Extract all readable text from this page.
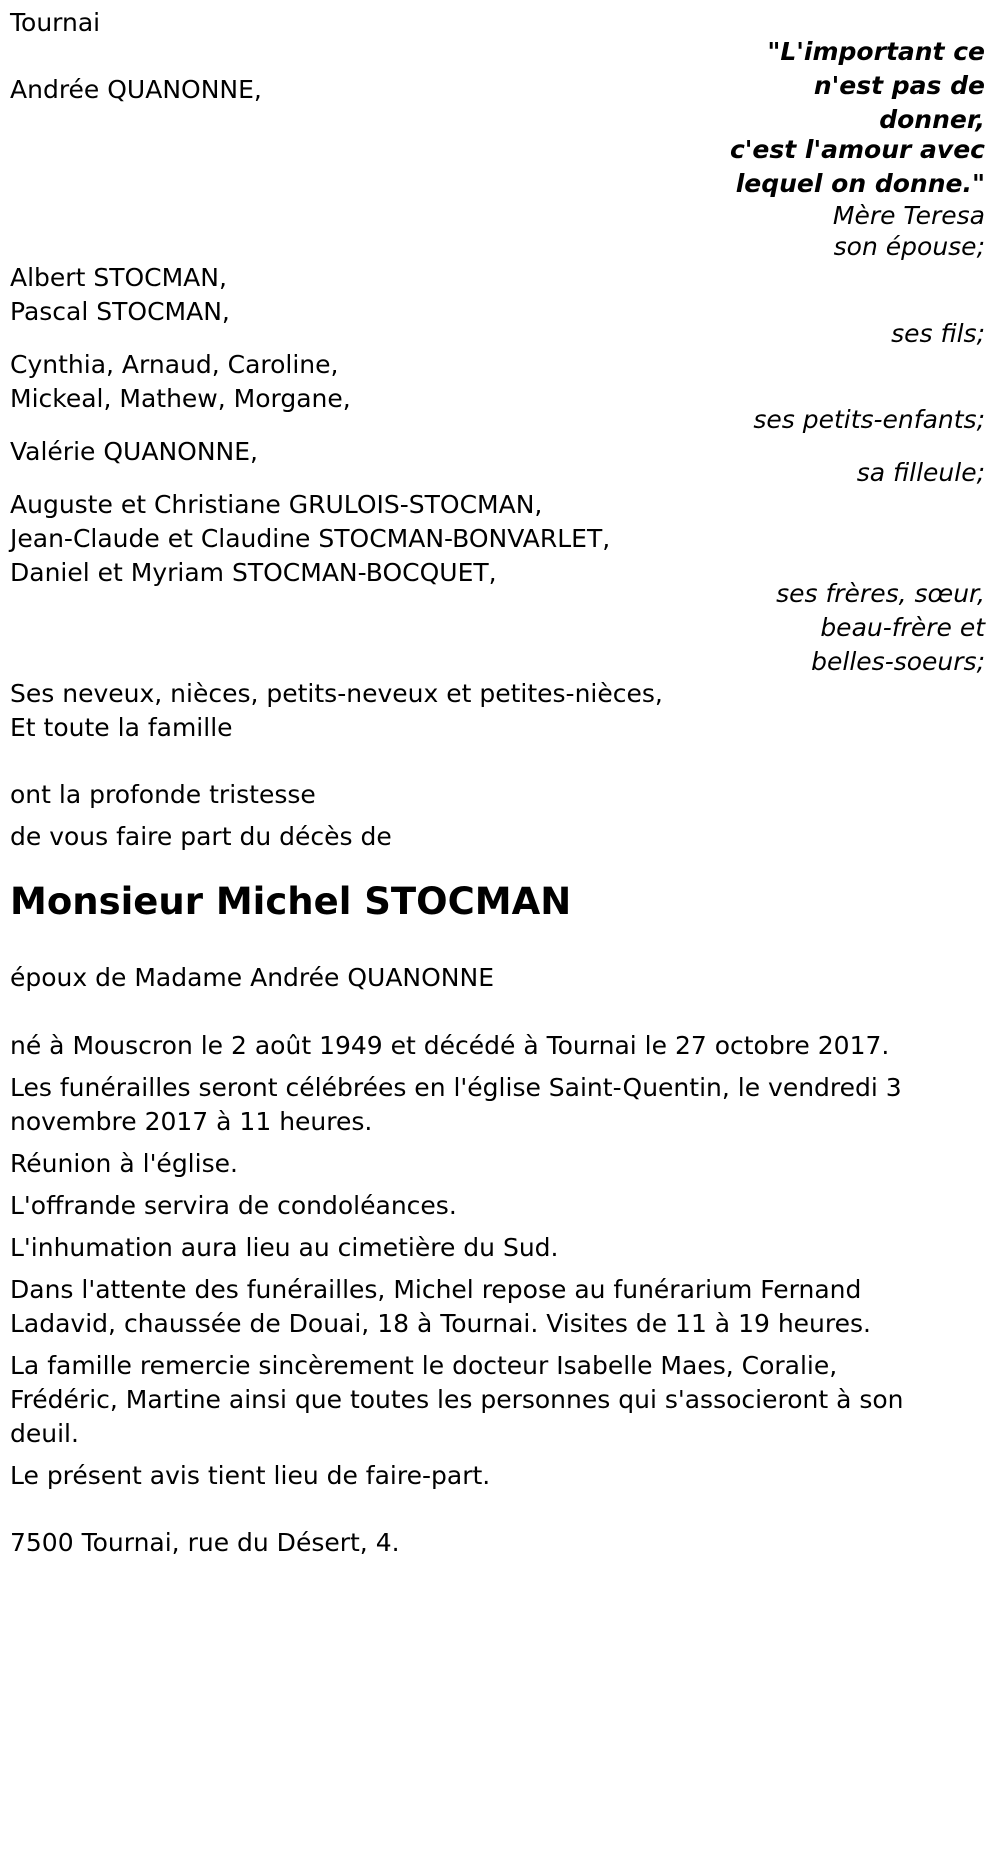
Tournai
Andrée QUANONNE,
Albert STOCMAN,
Pascal STOCMAN,
Cynthia, Arnaud, Caroline,
Mickeal, Mathew, Morgane,
Valérie QUANONNE,
Auguste et Christiane GRULOIS-STOCMAN,
Jean-Claude et Claudine STOCMAN-BONVARLET,
Daniel et Myriam STOCMAN-BOCQUET,
Ses neveux, nièces, petits-neveux et petites-nièces,
Et toute la famille
ont la profonde tristesse
de vous faire part du décès de
Monsieur Michel STOCMAN
époux de Madame Andrée QUANONNE
né à Mouscron le 2 août 1949 et décédé à Tournai le 27 octobre 2017.
Les funérailles seront célébrées en l'église Saint-Quentin, le vendredi 3
novembre 2017 à 11 heures.
Réunion à l'église.
L'offrande servira de condoléances.
L'inhumation aura lieu au cimetière du Sud.
Dans l'attente des funérailles, Michel repose au funérarium Fernand
Ladavid, chaussée de Douai, 18 à Tournai. Visites de 11 à 19 heures.
La famille remercie sincèrement le docteur Isabelle Maes, Coralie,
Frédéric, Martine ainsi que toutes les personnes qui s'associeront à son
deuil.
Le présent avis tient lieu de faire-part.
7500 Tournai, rue du Désert, 4.
"L'important ce
n'est pas de
donner,
c'est l'amour avec
lequel on donne."
Mère Teresa
son épouse;
ses fils;
ses petits-enfants;
sa filleule;
ses frères, sœur,
beau-frère et
belles-soeurs;
